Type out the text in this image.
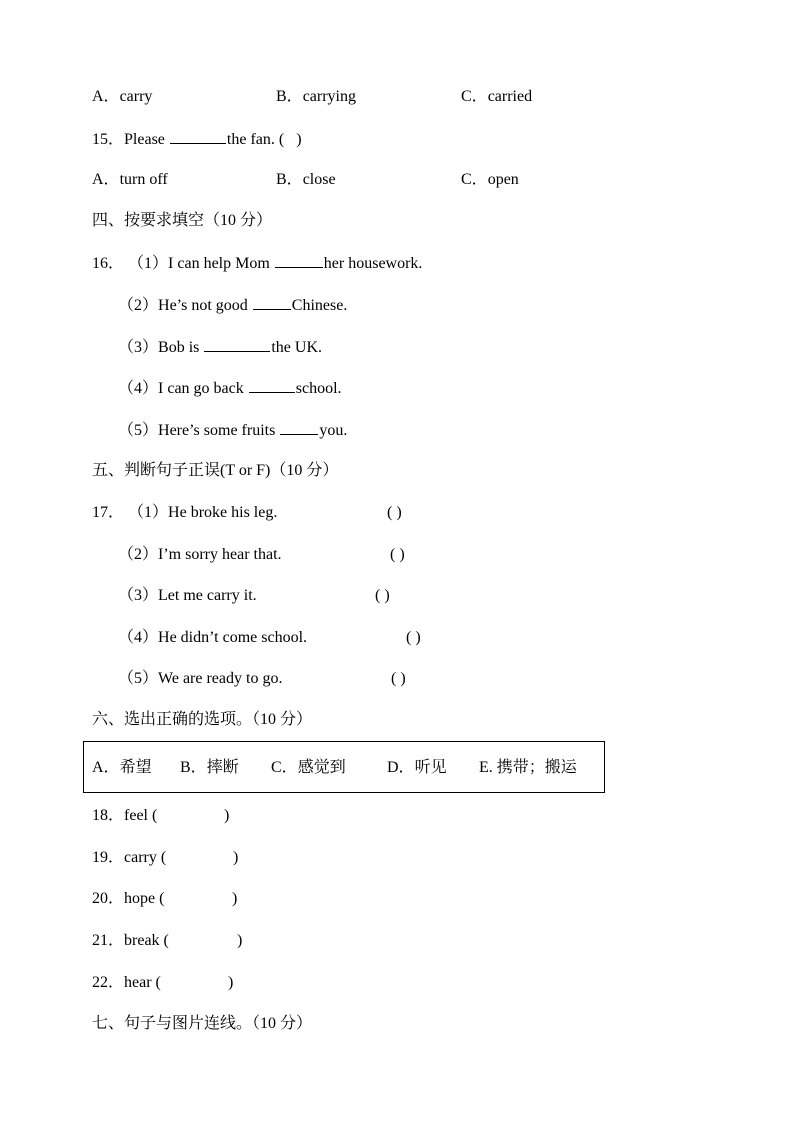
A．carry	B．carrying	C．carried
15．Please	the fan. ( )
A．turn off	B．close	C．open
四、按要求填空（10 分）
16． （1）I can help Mom	her housework.
（2）He’s not good	Chinese.
（3）Bob is	the UK.
（4）I can go back	school.
（5）Here’s some fruits	you.
五、判断句子正误(T or F)（10 分）
17． （1）He broke his leg.	( )
（2）I’m sorry hear that.	( )
（3）Let me carry it.	( )
（4）He didn’t come school.	( )
（5）We are ready to go.	( )
六、选出正确的选项。（10 分）
A．希望 B．摔断 C．感觉到	D．听见 E. 携带；搬运
18．feel (	)
19．carry (	)
20．hope (	)
21．break (	)
22．hear (	)
七、句子与图片连线。（10 分）
